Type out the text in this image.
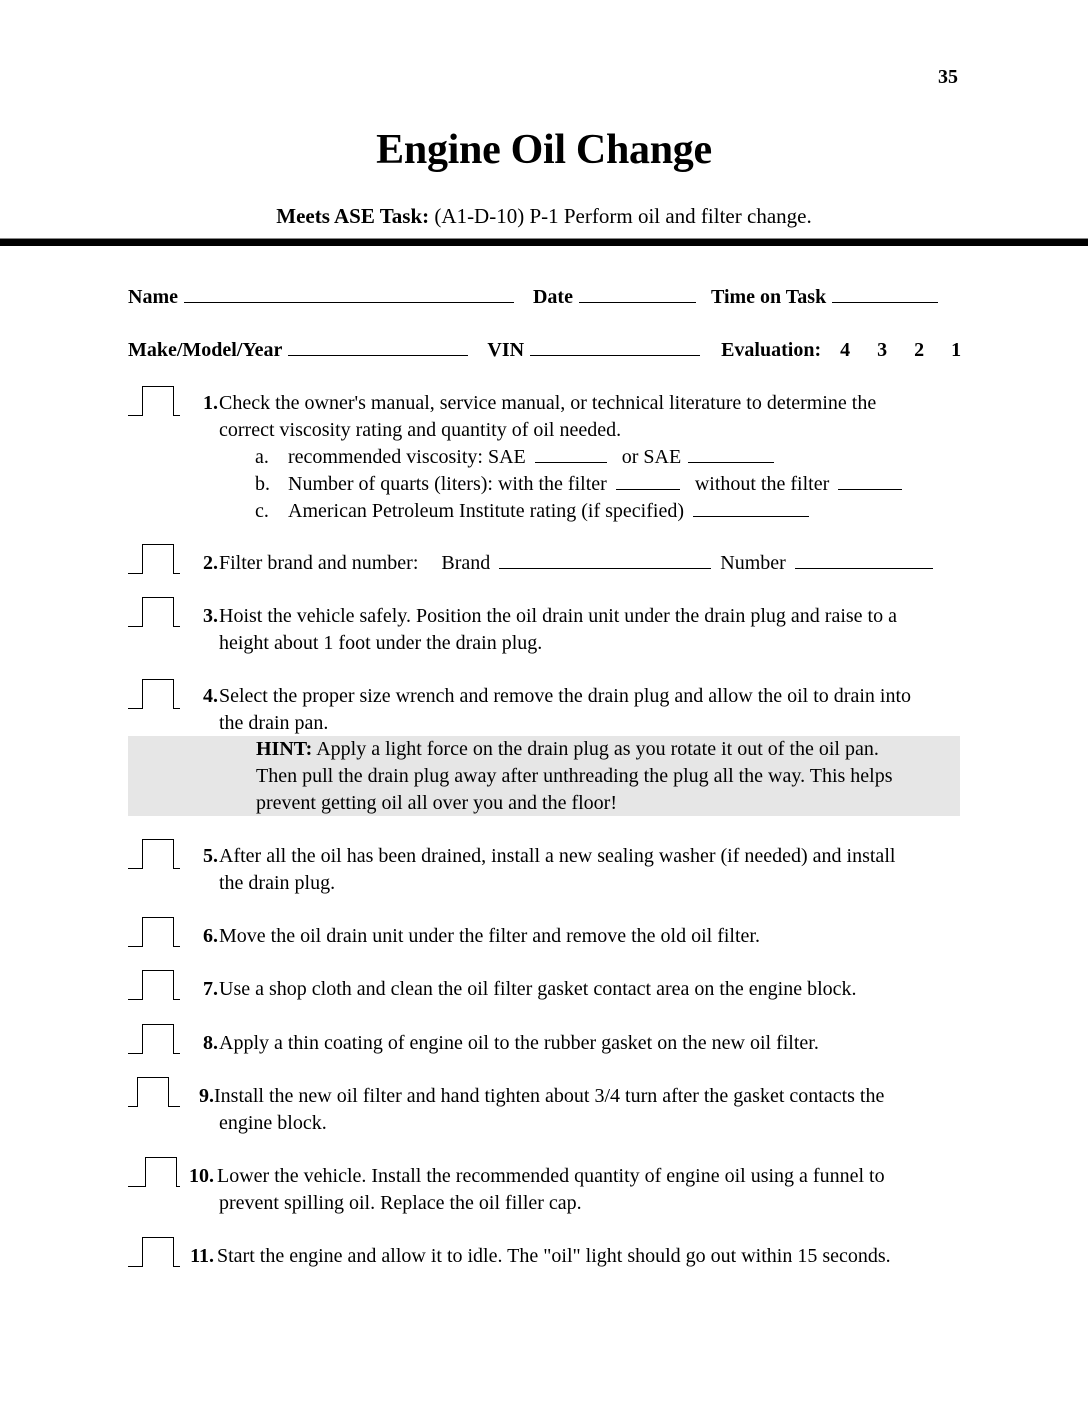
35
Engine Oil Change
Meets ASE Task: (A1-D-10) P-1 Perform oil and filter change.
Name	Date	Time on Task
Make/Model/Year	VIN	Evaluation: 4 3 2 1
1. Check the owner's manual, service manual, or technical literature to determine the
correct viscosity rating and quantity of oil needed.
a. recommended viscosity: SAE	or SAE
b. Number of quarts (liters): with the filter	without the filter
c. American Petroleum Institute rating (if specified)
2. Filter brand and number: Brand	Number
3. Hoist the vehicle safely. Position the oil drain unit under the drain plug and raise to a
height about 1 foot under the drain plug.
4. Select the proper size wrench and remove the drain plug and allow the oil to drain into
the drain pan.
HINT: Apply a light force on the drain plug as you rotate it out of the oil pan.
Then pull the drain plug away after unthreading the plug all the way. This helps
prevent getting oil all over you and the floor!
5. After all the oil has been drained, install a new sealing washer (if needed) and install
the drain plug.
6. Move the oil drain unit under the filter and remove the old oil filter.
7. Use a shop cloth and clean the oil filter gasket contact area on the engine block.
8. Apply a thin coating of engine oil to the rubber gasket on the new oil filter.
9. Install the new oil filter and hand tighten about 3/4 turn after the gasket contacts the
engine block.
10. Lower the vehicle. Install the recommended quantity of engine oil using a funnel to
prevent spilling oil. Replace the oil filler cap.
11. Start the engine and allow it to idle. The "oil" light should go out within 15 seconds.
